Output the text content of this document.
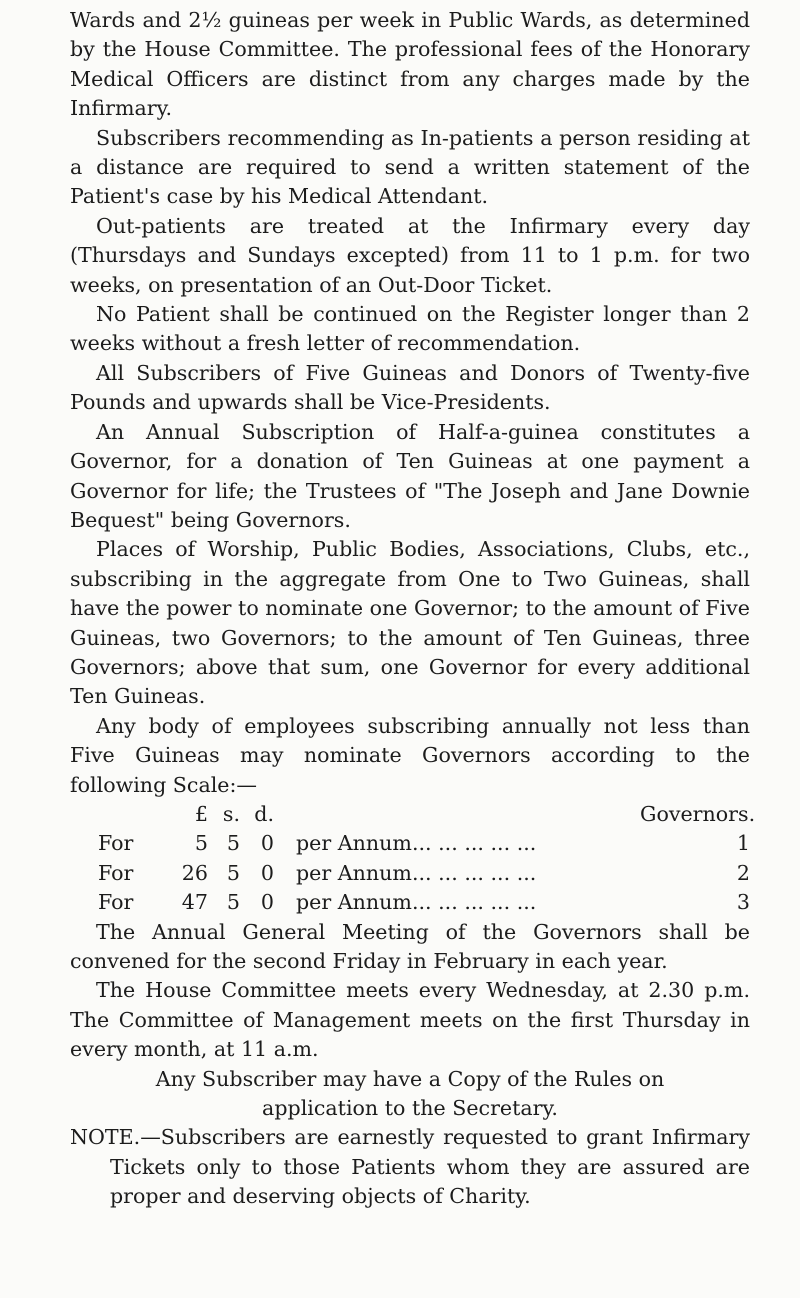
Wards and 2½ guineas per week in Public Wards, as determined by the House Committee. The professional fees of the Honorary Medical Officers are distinct from any charges made by the Infirmary.

Subscribers recommending as In-patients a person residing at a distance are required to send a written statement of the Patient's case by his Medical Attendant.

Out-patients are treated at the Infirmary every day (Thursdays and Sundays excepted) from 11 to 1 p.m. for two weeks, on presentation of an Out-Door Ticket.

No Patient shall be continued on the Register longer than 2 weeks without a fresh letter of recommendation.

All Subscribers of Five Guineas and Donors of Twenty-five Pounds and upwards shall be Vice-Presidents.

An Annual Subscription of Half-a-guinea constitutes a Governor, for a donation of Ten Guineas at one payment a Governor for life; the Trustees of "The Joseph and Jane Downie Bequest" being Governors.

Places of Worship, Public Bodies, Associations, Clubs, etc., subscribing in the aggregate from One to Two Guineas, shall have the power to nominate one Governor; to the amount of Five Guineas, two Governors; to the amount of Ten Guineas, three Governors; above that sum, one Governor for every additional Ten Guineas.

Any body of employees subscribing annually not less than Five Guineas may nominate Governors according to the following Scale:—

£ s. d.	Governors.
For	5 5	0	per Annum... ... ... ... ...	1
For	26 5	0	per Annum... ... ... ... ...	2
For	47 5	0	per Annum... ... ... ... ...	3

The Annual General Meeting of the Governors shall be convened for the second Friday in February in each year.

The House Committee meets every Wednesday, at 2.30 p.m. The Committee of Management meets on the first Thursday in every month, at 11 a.m.

Any Subscriber may have a Copy of the Rules on application to the Secretary.

NOTE.—Subscribers are earnestly requested to grant Infirmary Tickets only to those Patients whom they are assured are proper and deserving objects of Charity.
